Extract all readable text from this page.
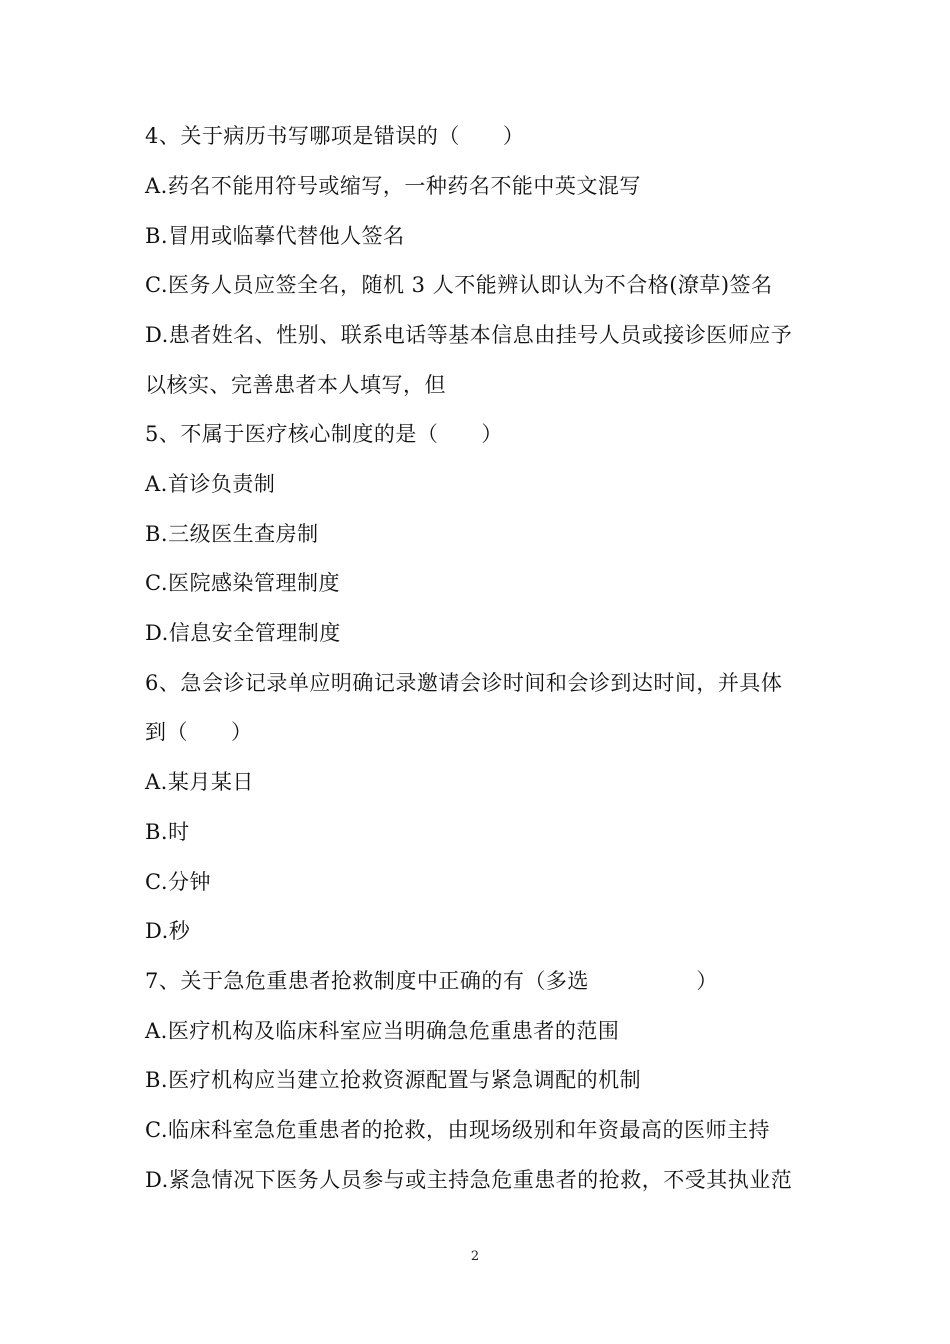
4、关于病历书写哪项是错误的（　　）
A.药名不能用符号或缩写，一种药名不能中英文混写
B.冒用或临摹代替他人签名
C.医务人员应签全名，随机 3 人不能辨认即认为不合格(潦草)签名
D.患者姓名、性别、联系电话等基本信息由挂号人员或接诊医师应予
以核实、完善患者本人填写，但
5、不属于医疗核心制度的是（　　）
A.首诊负责制
B.三级医生查房制
C.医院感染管理制度
D.信息安全管理制度
6、急会诊记录单应明确记录邀请会诊时间和会诊到达时间，并具体
到（　　）
A.某月某日
B.时
C.分钟
D.秒
7、关于急危重患者抢救制度中正确的有（多选　　　　　）
A.医疗机构及临床科室应当明确急危重患者的范围
B.医疗机构应当建立抢救资源配置与紧急调配的机制
C.临床科室急危重患者的抢救，由现场级别和年资最高的医师主持
D.紧急情况下医务人员参与或主持急危重患者的抢救，不受其执业范
2
